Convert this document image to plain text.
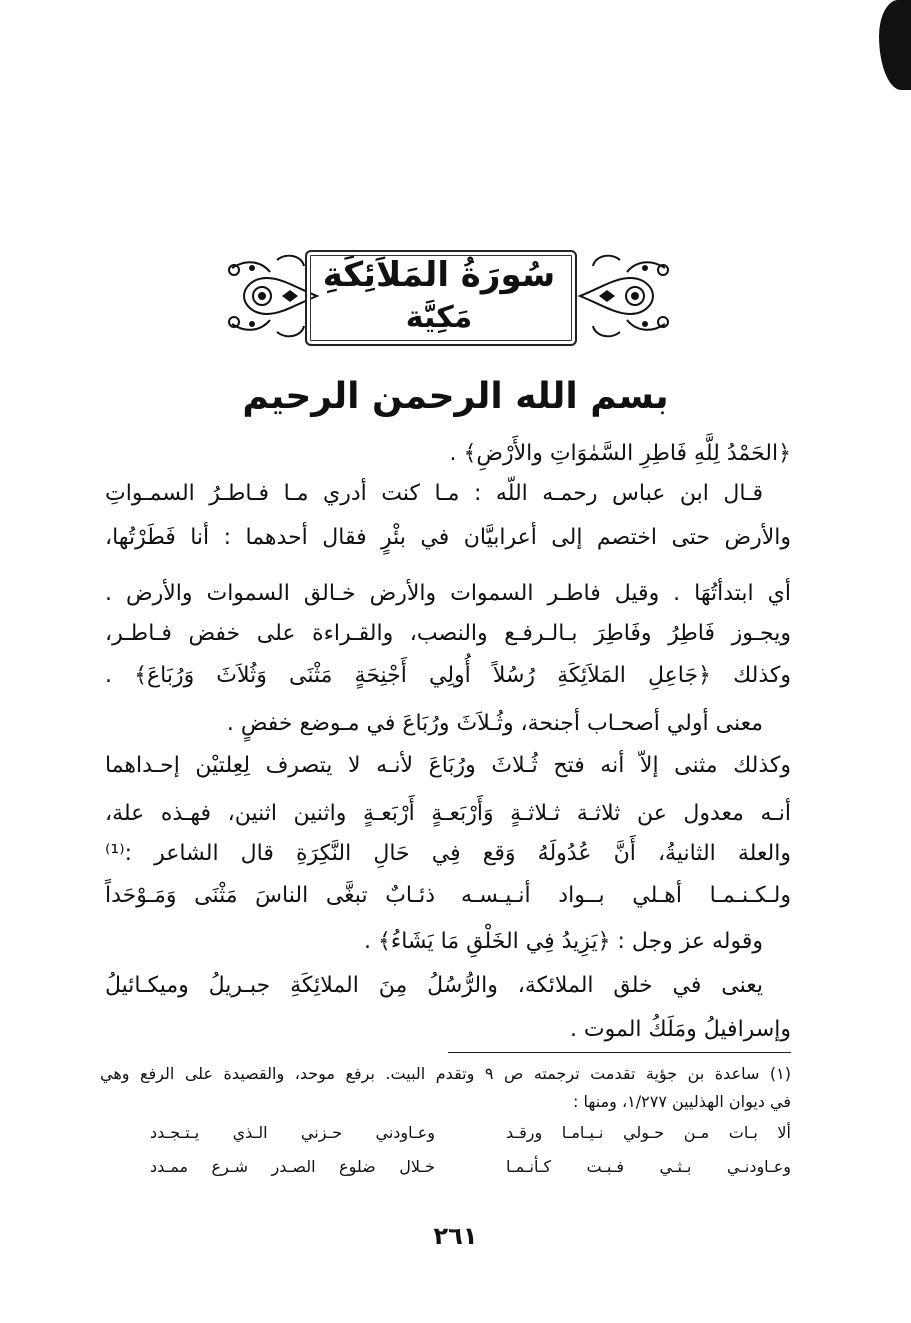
سُورَةُ المَلاَئِكَةِ
مَكِيَّة
بسم الله الرحمن الرحيم
﴿الحَمْدُ لِلَّهِ فَاطِرِ السَّمٰوَاتِ والأَرْضِ﴾ .
قـال ابن عباس رحمـه اللّه : مـا كنت أدري مـا فـاطـرُ السمـواتِ
والأرض حتى اختصم إلى أعرابيَّان في بئْرٍ فقال أحدهما : أنا فَطَرْتُها،
أي ابتدأتُهَا . وقيل فاطـر السموات والأرض خـالق السموات والأرض .
ويجـوز فَاطِرُ وفَاطِرَ بـالـرفـع والنصب، والقـراءة على خفض فـاطـر،
وكذلك ﴿جَاعِلِ المَلاَئِكَةِ رُسُلاً أُولِي أَجْنِحَةٍ مَثْنَى وَثُلاَثَ وَرُبَاعَ﴾ .
معنى أولي أصحـاب أجنحة، وثُـلاَثَ ورُبَاعَ في مـوضع خفضٍ .
وكذلك مثنى إلاّ أنه فتح ثُـلاثَ ورُبَاعَ لأنـه لا يتصرف لِعِلتيْن إحـداهما
أنـه معدول عن ثلاثـة ثـلاثـةٍ وَأَرْبَعـةٍ أَرْبَعـةٍ واثنين اثنين، فهـذه علة،
والعلة الثانيةُ، أَنَّ عُدُولَهُ وَقع فِي حَالِ النَّكِرَةِ قال الشاعر :⁽¹⁾
ولـكـنـمـا أهـلي بــواد أنـيـسـه
ذئـابٌ تبغَّى الناسَ مَثْنَى وَمَـوْحَداً
وقوله عز وجل : ﴿يَزِيدُ فِي الخَلْقِ مَا يَشَاءُ﴾ .
يعنى في خلق الملائكة، والرُّسُلُ مِنَ الملائِكَةِ جبـريلُ وميكـائيلُ
وإسرافيلُ ومَلَكُ الموت .
(١) ساعدة بن جؤية تقدمت ترجمته ص ٩ وتقدم البيت. برفع موحد، والقصيدة على الرفع وهي
في ديوان الهذليين ١/٢٧٧، ومنها :
ألا بـات مـن حـولي نـيـامـا ورقـد
وعـاودني حـزني الـذي يـتـجـدد
وعـاودنـي بـثـي فـبـت كـأنـمـا
خـلال ضلوع الصـدر شـرع ممـدد
٢٦١
